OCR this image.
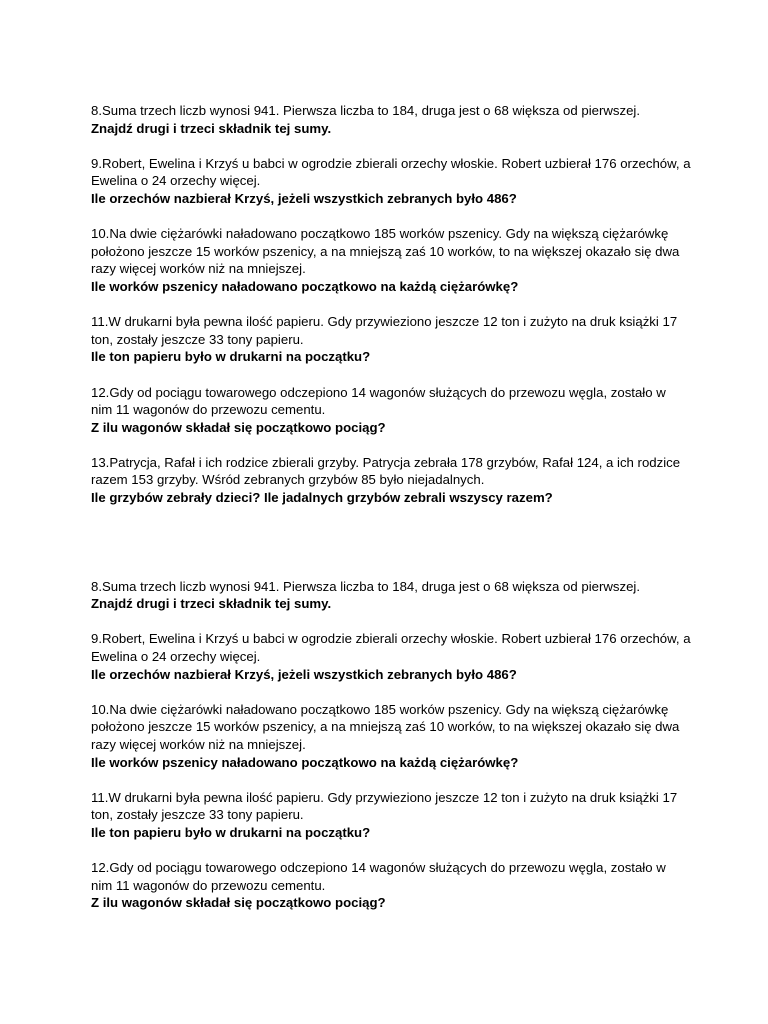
8.Suma trzech liczb wynosi 941. Pierwsza liczba to 184, druga jest o 68 większa od pierwszej.
Znajdź drugi i trzeci składnik tej sumy.
9.Robert, Ewelina i Krzyś u babci w ogrodzie zbierali orzechy włoskie. Robert uzbierał 176 orzechów, a
Ewelina o 24 orzechy więcej.
Ile orzechów nazbierał Krzyś, jeżeli wszystkich zebranych było 486?
10.Na dwie ciężarówki naładowano początkowo 185 worków pszenicy. Gdy na większą ciężarówkę
położono jeszcze 15 worków pszenicy, a na mniejszą zaś 10 worków, to na większej okazało się dwa
razy więcej worków niż na mniejszej.
Ile worków pszenicy naładowano początkowo na każdą ciężarówkę?
11.W drukarni była pewna ilość papieru. Gdy przywieziono jeszcze 12 ton i zużyto na druk książki 17
ton, zostały jeszcze 33 tony papieru.
Ile ton papieru było w drukarni na początku?
12.Gdy od pociągu towarowego odczepiono 14 wagonów służących do przewozu węgla, zostało w
nim 11 wagonów do przewozu cementu.
Z ilu wagonów składał się początkowo pociąg?
13.Patrycja, Rafał i ich rodzice zbierali grzyby. Patrycja zebrała 178 grzybów, Rafał 124, a ich rodzice
razem 153 grzyby. Wśród zebranych grzybów 85 było niejadalnych.
Ile grzybów zebrały dzieci? Ile jadalnych grzybów zebrali wszyscy razem?
8.Suma trzech liczb wynosi 941. Pierwsza liczba to 184, druga jest o 68 większa od pierwszej.
Znajdź drugi i trzeci składnik tej sumy.
9.Robert, Ewelina i Krzyś u babci w ogrodzie zbierali orzechy włoskie. Robert uzbierał 176 orzechów, a
Ewelina o 24 orzechy więcej.
Ile orzechów nazbierał Krzyś, jeżeli wszystkich zebranych było 486?
10.Na dwie ciężarówki naładowano początkowo 185 worków pszenicy. Gdy na większą ciężarówkę
położono jeszcze 15 worków pszenicy, a na mniejszą zaś 10 worków, to na większej okazało się dwa
razy więcej worków niż na mniejszej.
Ile worków pszenicy naładowano początkowo na każdą ciężarówkę?
11.W drukarni była pewna ilość papieru. Gdy przywieziono jeszcze 12 ton i zużyto na druk książki 17
ton, zostały jeszcze 33 tony papieru.
Ile ton papieru było w drukarni na początku?
12.Gdy od pociągu towarowego odczepiono 14 wagonów służących do przewozu węgla, zostało w
nim 11 wagonów do przewozu cementu.
Z ilu wagonów składał się początkowo pociąg?
